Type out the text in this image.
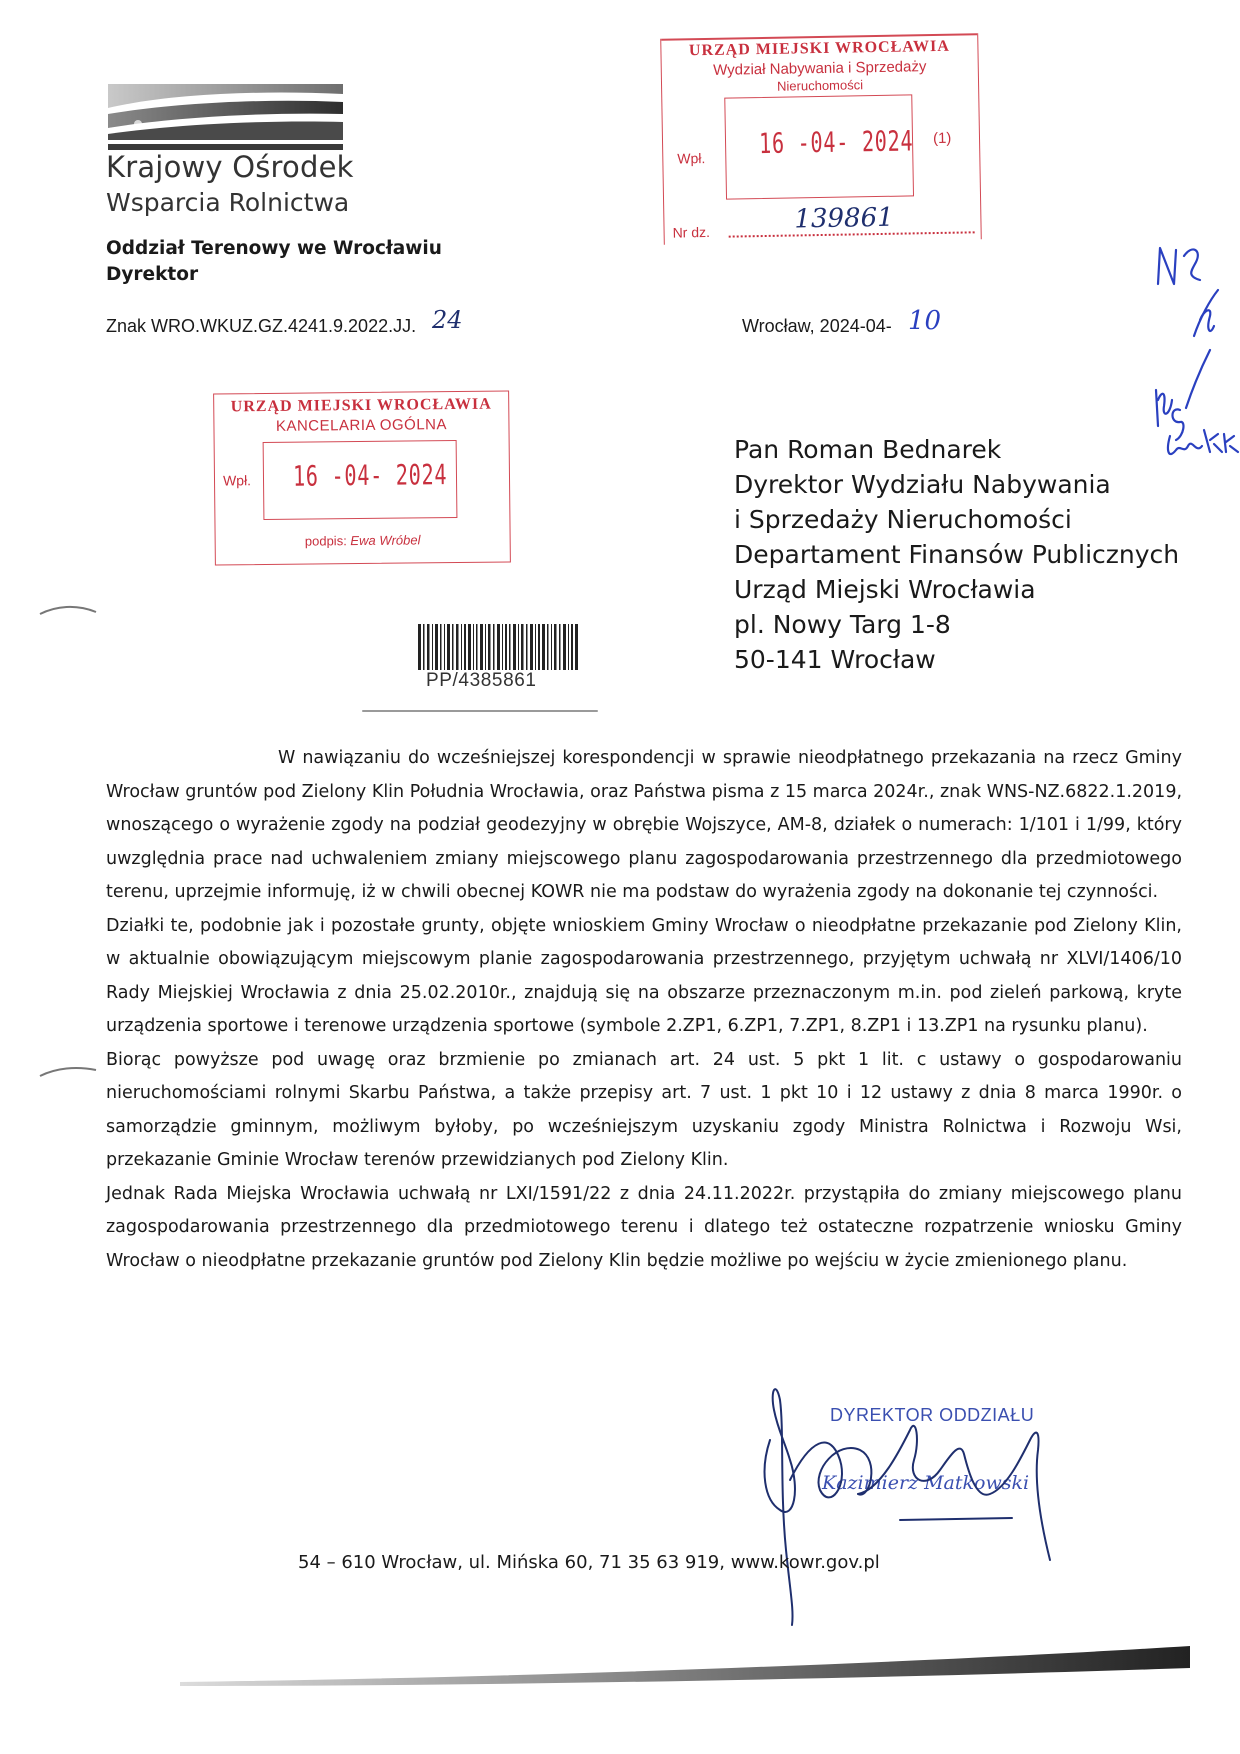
Krajowy Ośrodek
Wsparcia Rolnictwa
Oddział Terenowy we Wrocławiu
Dyrektor
Znak WRO.WKUZ.GZ.4241.9.2022.JJ. 24	Wrocław, 2024-04- 10
URZĄD MIEJSKI WROCŁAWIA
Wydział Nabywania i Sprzedaży
Nieruchomości
Wpł. 16 -04- 2024 (1)
Nr dz.	139861
URZĄD MIEJSKI WROCŁAWIA
KANCELARIA OGÓLNA
Wpł. 16 -04- 2024
podpis: Ewa Wróbel
PP/4385861
Pan Roman Bednarek
Dyrektor Wydziału Nabywania
i Sprzedaży Nieruchomości
Departament Finansów Publicznych
Urząd Miejski Wrocławia
pl. Nowy Targ 1-8
50-141 Wrocław
W nawiązaniu do wcześniejszej korespondencji w sprawie nieodpłatnego przekazania na rzecz Gminy Wrocław gruntów pod Zielony Klin Południa Wrocławia, oraz Państwa pisma z 15 marca 2024r., znak WNS-NZ.6822.1.2019, wnoszącego o wyrażenie zgody na podział geodezyjny w obrębie Wojszyce, AM-8, działek o numerach: 1/101 i 1/99, który uwzględnia prace nad uchwaleniem zmiany miejscowego planu zagospodarowania przestrzennego dla przedmiotowego terenu, uprzejmie informuję, iż w chwili obecnej KOWR nie ma podstaw do wyrażenia zgody na dokonanie tej czynności.
Działki te, podobnie jak i pozostałe grunty, objęte wnioskiem Gminy Wrocław o nieodpłatne przekazanie pod Zielony Klin, w aktualnie obowiązującym miejscowym planie zagospodarowania przestrzennego, przyjętym uchwałą nr XLVI/1406/10 Rady Miejskiej Wrocławia z dnia 25.02.2010r., znajdują się na obszarze przeznaczonym m.in. pod zieleń parkową, kryte urządzenia sportowe i terenowe urządzenia sportowe (symbole 2.ZP1, 6.ZP1, 7.ZP1, 8.ZP1 i 13.ZP1 na rysunku planu).
Biorąc powyższe pod uwagę oraz brzmienie po zmianach art. 24 ust. 5 pkt 1 lit. c ustawy o gospodarowaniu nieruchomościami rolnymi Skarbu Państwa, a także przepisy art. 7 ust. 1 pkt 10 i 12 ustawy z dnia 8 marca 1990r. o samorządzie gminnym, możliwym byłoby, po wcześniejszym uzyskaniu zgody Ministra Rolnictwa i Rozwoju Wsi, przekazanie Gminie Wrocław terenów przewidzianych pod Zielony Klin.
Jednak Rada Miejska Wrocławia uchwałą nr LXI/1591/22 z dnia 24.11.2022r. przystąpiła do zmiany miejscowego planu zagospodarowania przestrzennego dla przedmiotowego terenu i dlatego też ostateczne rozpatrzenie wniosku Gminy Wrocław o nieodpłatne przekazanie gruntów pod Zielony Klin będzie możliwe po wejściu w życie zmienionego planu.
DYREKTOR ODDZIAŁU
Kazimierz Matkowski
54 – 610 Wrocław, ul. Mińska 60, 71 35 63 919, www.kowr.gov.pl
